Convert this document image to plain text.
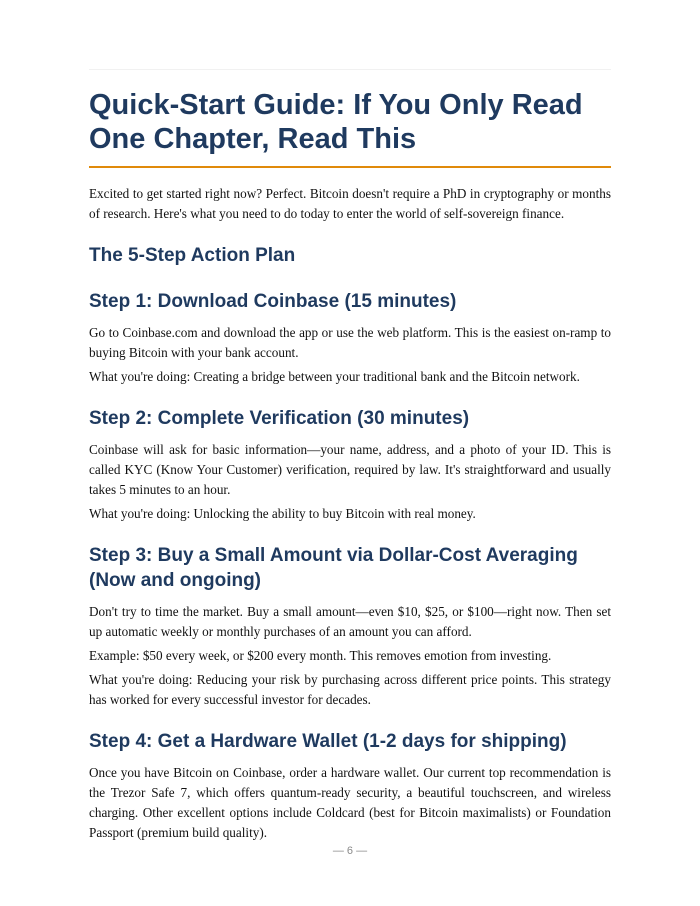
Quick-Start Guide: If You Only Read One Chapter, Read This

Excited to get started right now? Perfect. Bitcoin doesn't require a PhD in cryptography or months of research. Here's what you need to do today to enter the world of self-sovereign finance.

The 5-Step Action Plan
Step 1: Download Coinbase (15 minutes)

Go to Coinbase.com and download the app or use the web platform. This is the easiest on-ramp to buying Bitcoin with your bank account.

What you're doing: Creating a bridge between your traditional bank and the Bitcoin network.

Step 2: Complete Verification (30 minutes)

Coinbase will ask for basic information—your name, address, and a photo of your ID. This is called KYC (Know Your Customer) verification, required by law. It's straightforward and usually takes 5 minutes to an hour.

What you're doing: Unlocking the ability to buy Bitcoin with real money.

Step 3: Buy a Small Amount via Dollar-Cost Averaging (Now and ongoing)

Don't try to time the market. Buy a small amount—even $10, $25, or $100—right now. Then set up automatic weekly or monthly purchases of an amount you can afford.

Example: $50 every week, or $200 every month. This removes emotion from investing.

What you're doing: Reducing your risk by purchasing across different price points. This strategy has worked for every successful investor for decades.

Step 4: Get a Hardware Wallet (1-2 days for shipping)

Once you have Bitcoin on Coinbase, order a hardware wallet. Our current top recommendation is the Trezor Safe 7, which offers quantum-ready security, a beautiful touchscreen, and wireless charging. Other excellent options include Coldcard (best for Bitcoin maximalists) or Foundation Passport (premium build quality).

— 6 —
